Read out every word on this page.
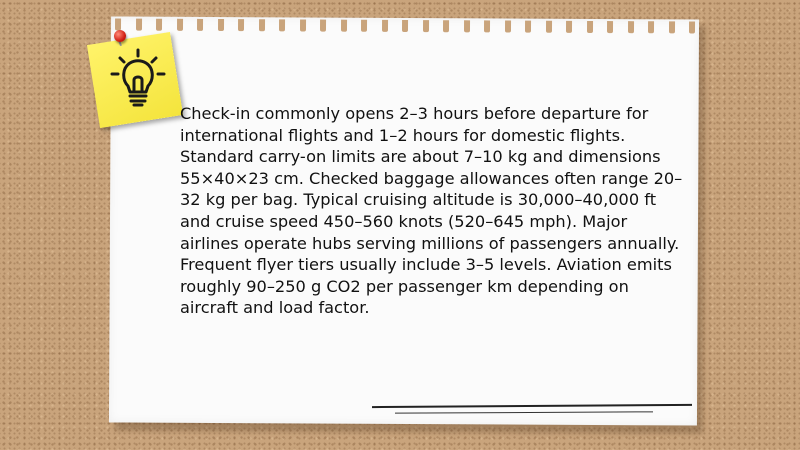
Check-in commonly opens 2–3 hours before departure for international flights and 1–2 hours for domestic flights. Standard carry-on limits are about 7–10 kg and dimensions 55×40×23 cm. Checked baggage allowances often range 20–32 kg per bag. Typical cruising altitude is 30,000–40,000 ft and cruise speed 450–560 knots (520–645 mph). Major airlines operate hubs serving millions of passengers annually. Frequent flyer tiers usually include 3–5 levels. Aviation emits roughly 90–250 g CO2 per passenger km depending on aircraft and load factor.
